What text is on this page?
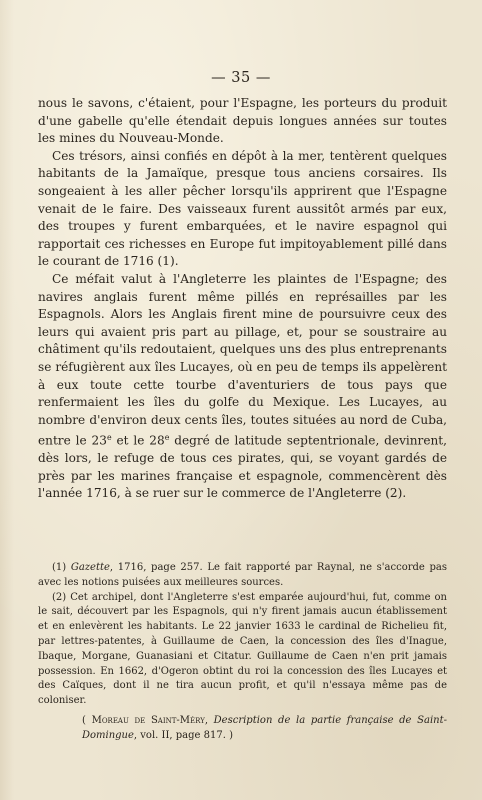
— 35 —

nous le savons, c'étaient, pour l'Espagne, les porteurs du produit d'une gabelle qu'elle étendait depuis longues années sur toutes les mines du Nouveau-Monde.

Ces trésors, ainsi confiés en dépôt à la mer, tentèrent quelques habitants de la Jamaïque, presque tous anciens corsaires. Ils songeaient à les aller pêcher lorsqu'ils apprirent que l'Espagne venait de le faire. Des vaisseaux furent aussitôt armés par eux, des troupes y furent embarquées, et le navire espagnol qui rapportait ces richesses en Europe fut impitoyablement pillé dans le courant de 1716 (1).

Ce méfait valut à l'Angleterre les plaintes de l'Espagne; des navires anglais furent même pillés en représailles par les Espagnols. Alors les Anglais firent mine de poursuivre ceux des leurs qui avaient pris part au pillage, et, pour se soustraire au châtiment qu'ils redoutaient, quelques uns des plus entreprenants se réfugièrent aux îles Lucayes, où en peu de temps ils appelèrent à eux toute cette tourbe d'aventuriers de tous pays que renfermaient les îles du golfe du Mexique. Les Lucayes, au nombre d'environ deux cents îles, toutes situées au nord de Cuba, entre le 23e et le 28e degré de latitude septentrionale, devinrent, dès lors, le refuge de tous ces pirates, qui, se voyant gardés de près par les marines française et espagnole, commencèrent dès l'année 1716, à se ruer sur le commerce de l'Angleterre (2).

(1) Gazette, 1716, page 257. Le fait rapporté par Raynal, ne s'accorde pas avec les notions puisées aux meilleures sources.

(2) Cet archipel, dont l'Angleterre s'est emparée aujourd'hui, fut, comme on le sait, découvert par les Espagnols, qui n'y firent jamais aucun établissement et en enlevèrent les habitants. Le 22 janvier 1633 le cardinal de Richelieu fit, par lettres-patentes, à Guillaume de Caen, la concession des îles d'Inague, Ibaque, Morgane, Guanasiani et Citatur. Guillaume de Caen n'en prit jamais possession. En 1662, d'Ogeron obtint du roi la concession des îles Lucayes et des Caïques, dont il ne tira aucun profit, et qu'il n'essaya même pas de coloniser.

( Moreau de Saint-Méry, Description de la partie française de Saint-Domingue, vol. II, page 817. )
